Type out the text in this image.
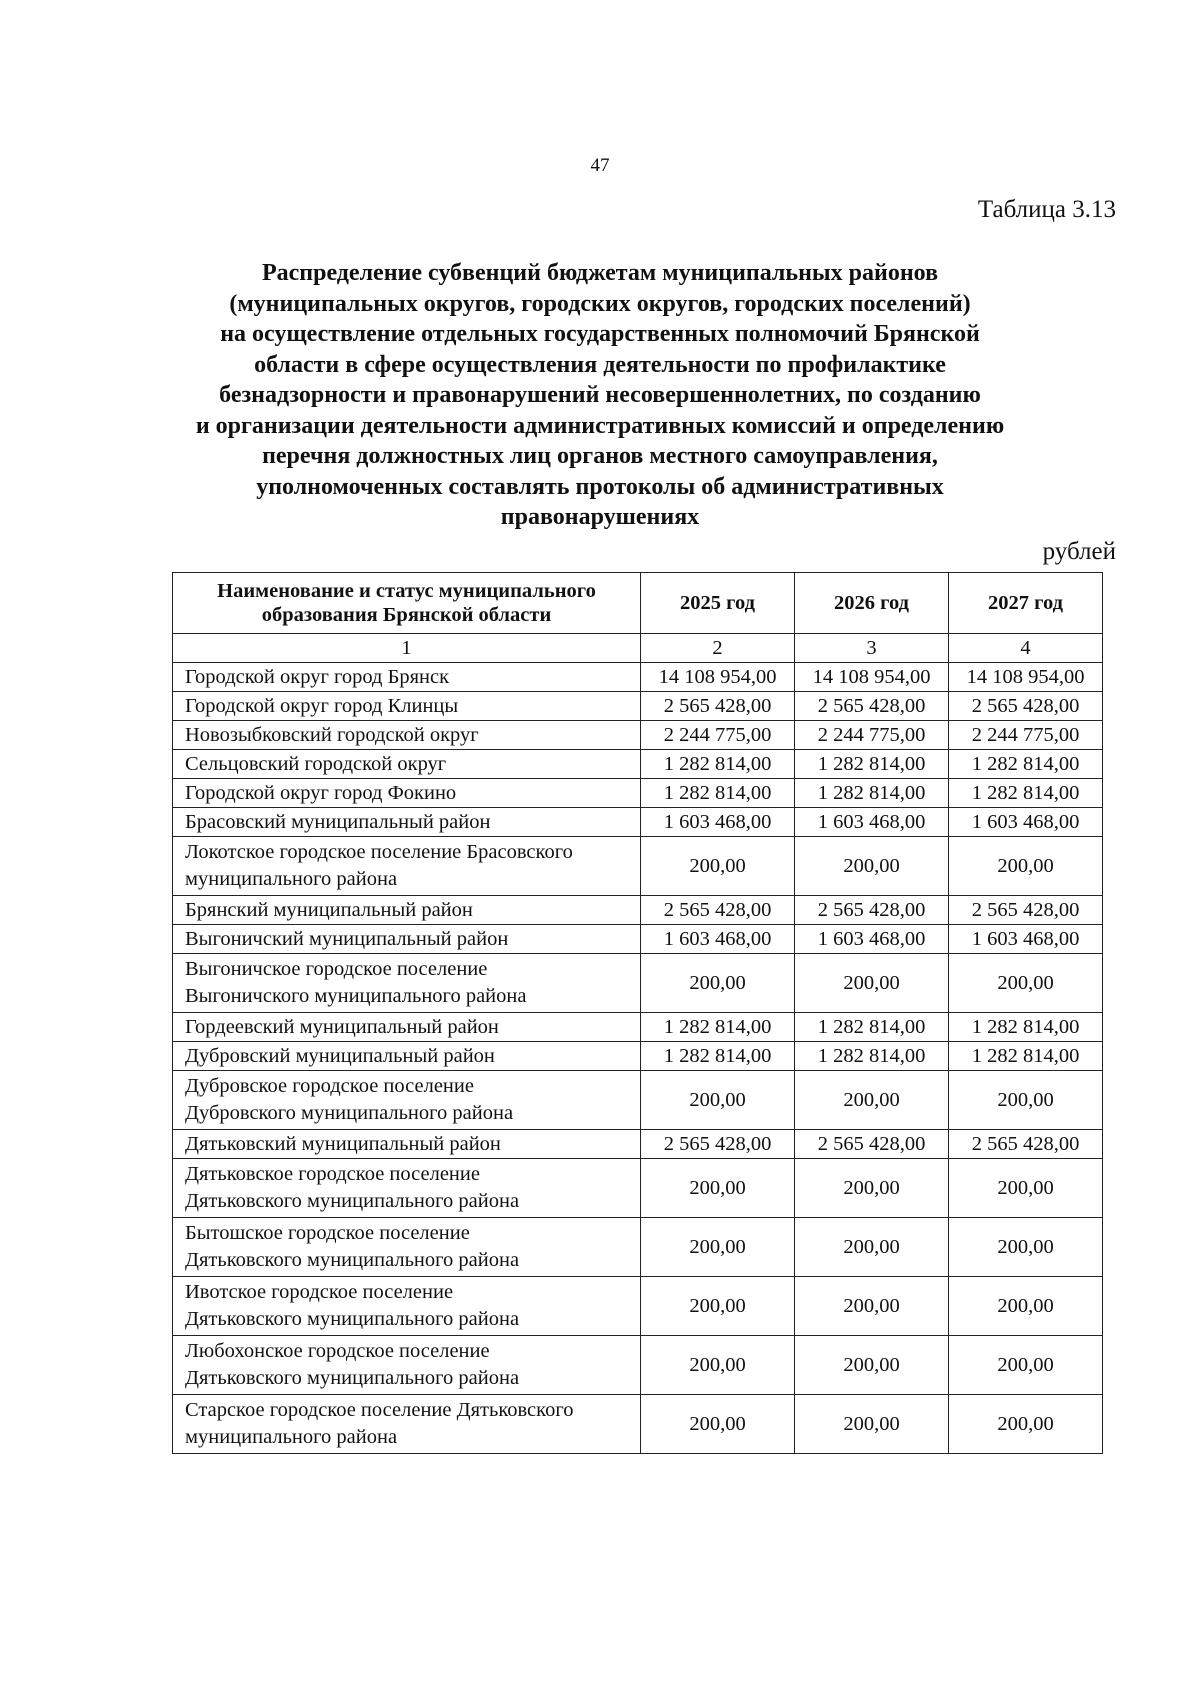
47
Таблица 3.13
Распределение субвенций бюджетам муниципальных районов
(муниципальных округов, городских округов, городских поселений)
на осуществление отдельных государственных полномочий Брянской
области в сфере осуществления деятельности по профилактике
безнадзорности и правонарушений несовершеннолетних, по созданию
и организации деятельности административных комиссий и определению
перечня должностных лиц органов местного самоуправления,
уполномоченных составлять протоколы об административных
правонарушениях
рублей
Наименование и статус муниципального образования Брянской области	2025 год	2026 год	2027 год
1	2	3	4

Городской округ город Брянск	14 108 954,00	14 108 954,00	14 108 954,00

Городской округ город Клинцы	2 565 428,00	2 565 428,00	2 565 428,00

Новозыбковский городской округ	2 244 775,00	2 244 775,00	2 244 775,00

Сельцовский городской округ	1 282 814,00	1 282 814,00	1 282 814,00

Городской округ город Фокино	1 282 814,00	1 282 814,00	1 282 814,00

Брасовский муниципальный район	1 603 468,00	1 603 468,00	1 603 468,00

Локотское городское поселение Брасовского
муниципального района	200,00	200,00	200,00

Брянский муниципальный район	2 565 428,00	2 565 428,00	2 565 428,00

Выгоничский муниципальный район	1 603 468,00	1 603 468,00	1 603 468,00

Выгоничское городское поселение
Выгоничского муниципального района	200,00	200,00	200,00

Гордеевский муниципальный район	1 282 814,00	1 282 814,00	1 282 814,00

Дубровский муниципальный район	1 282 814,00	1 282 814,00	1 282 814,00

Дубровское городское поселение
Дубровского муниципального района	200,00	200,00	200,00

Дятьковский муниципальный район	2 565 428,00	2 565 428,00	2 565 428,00

Дятьковское городское поселение
Дятьковского муниципального района	200,00	200,00	200,00

Бытошское городское поселение
Дятьковского муниципального района	200,00	200,00	200,00

Ивотское городское поселение
Дятьковского муниципального района	200,00	200,00	200,00

Любохонское городское поселение
Дятьковского муниципального района	200,00	200,00	200,00

Старское городское поселение Дятьковского
муниципального района	200,00	200,00	200,00
